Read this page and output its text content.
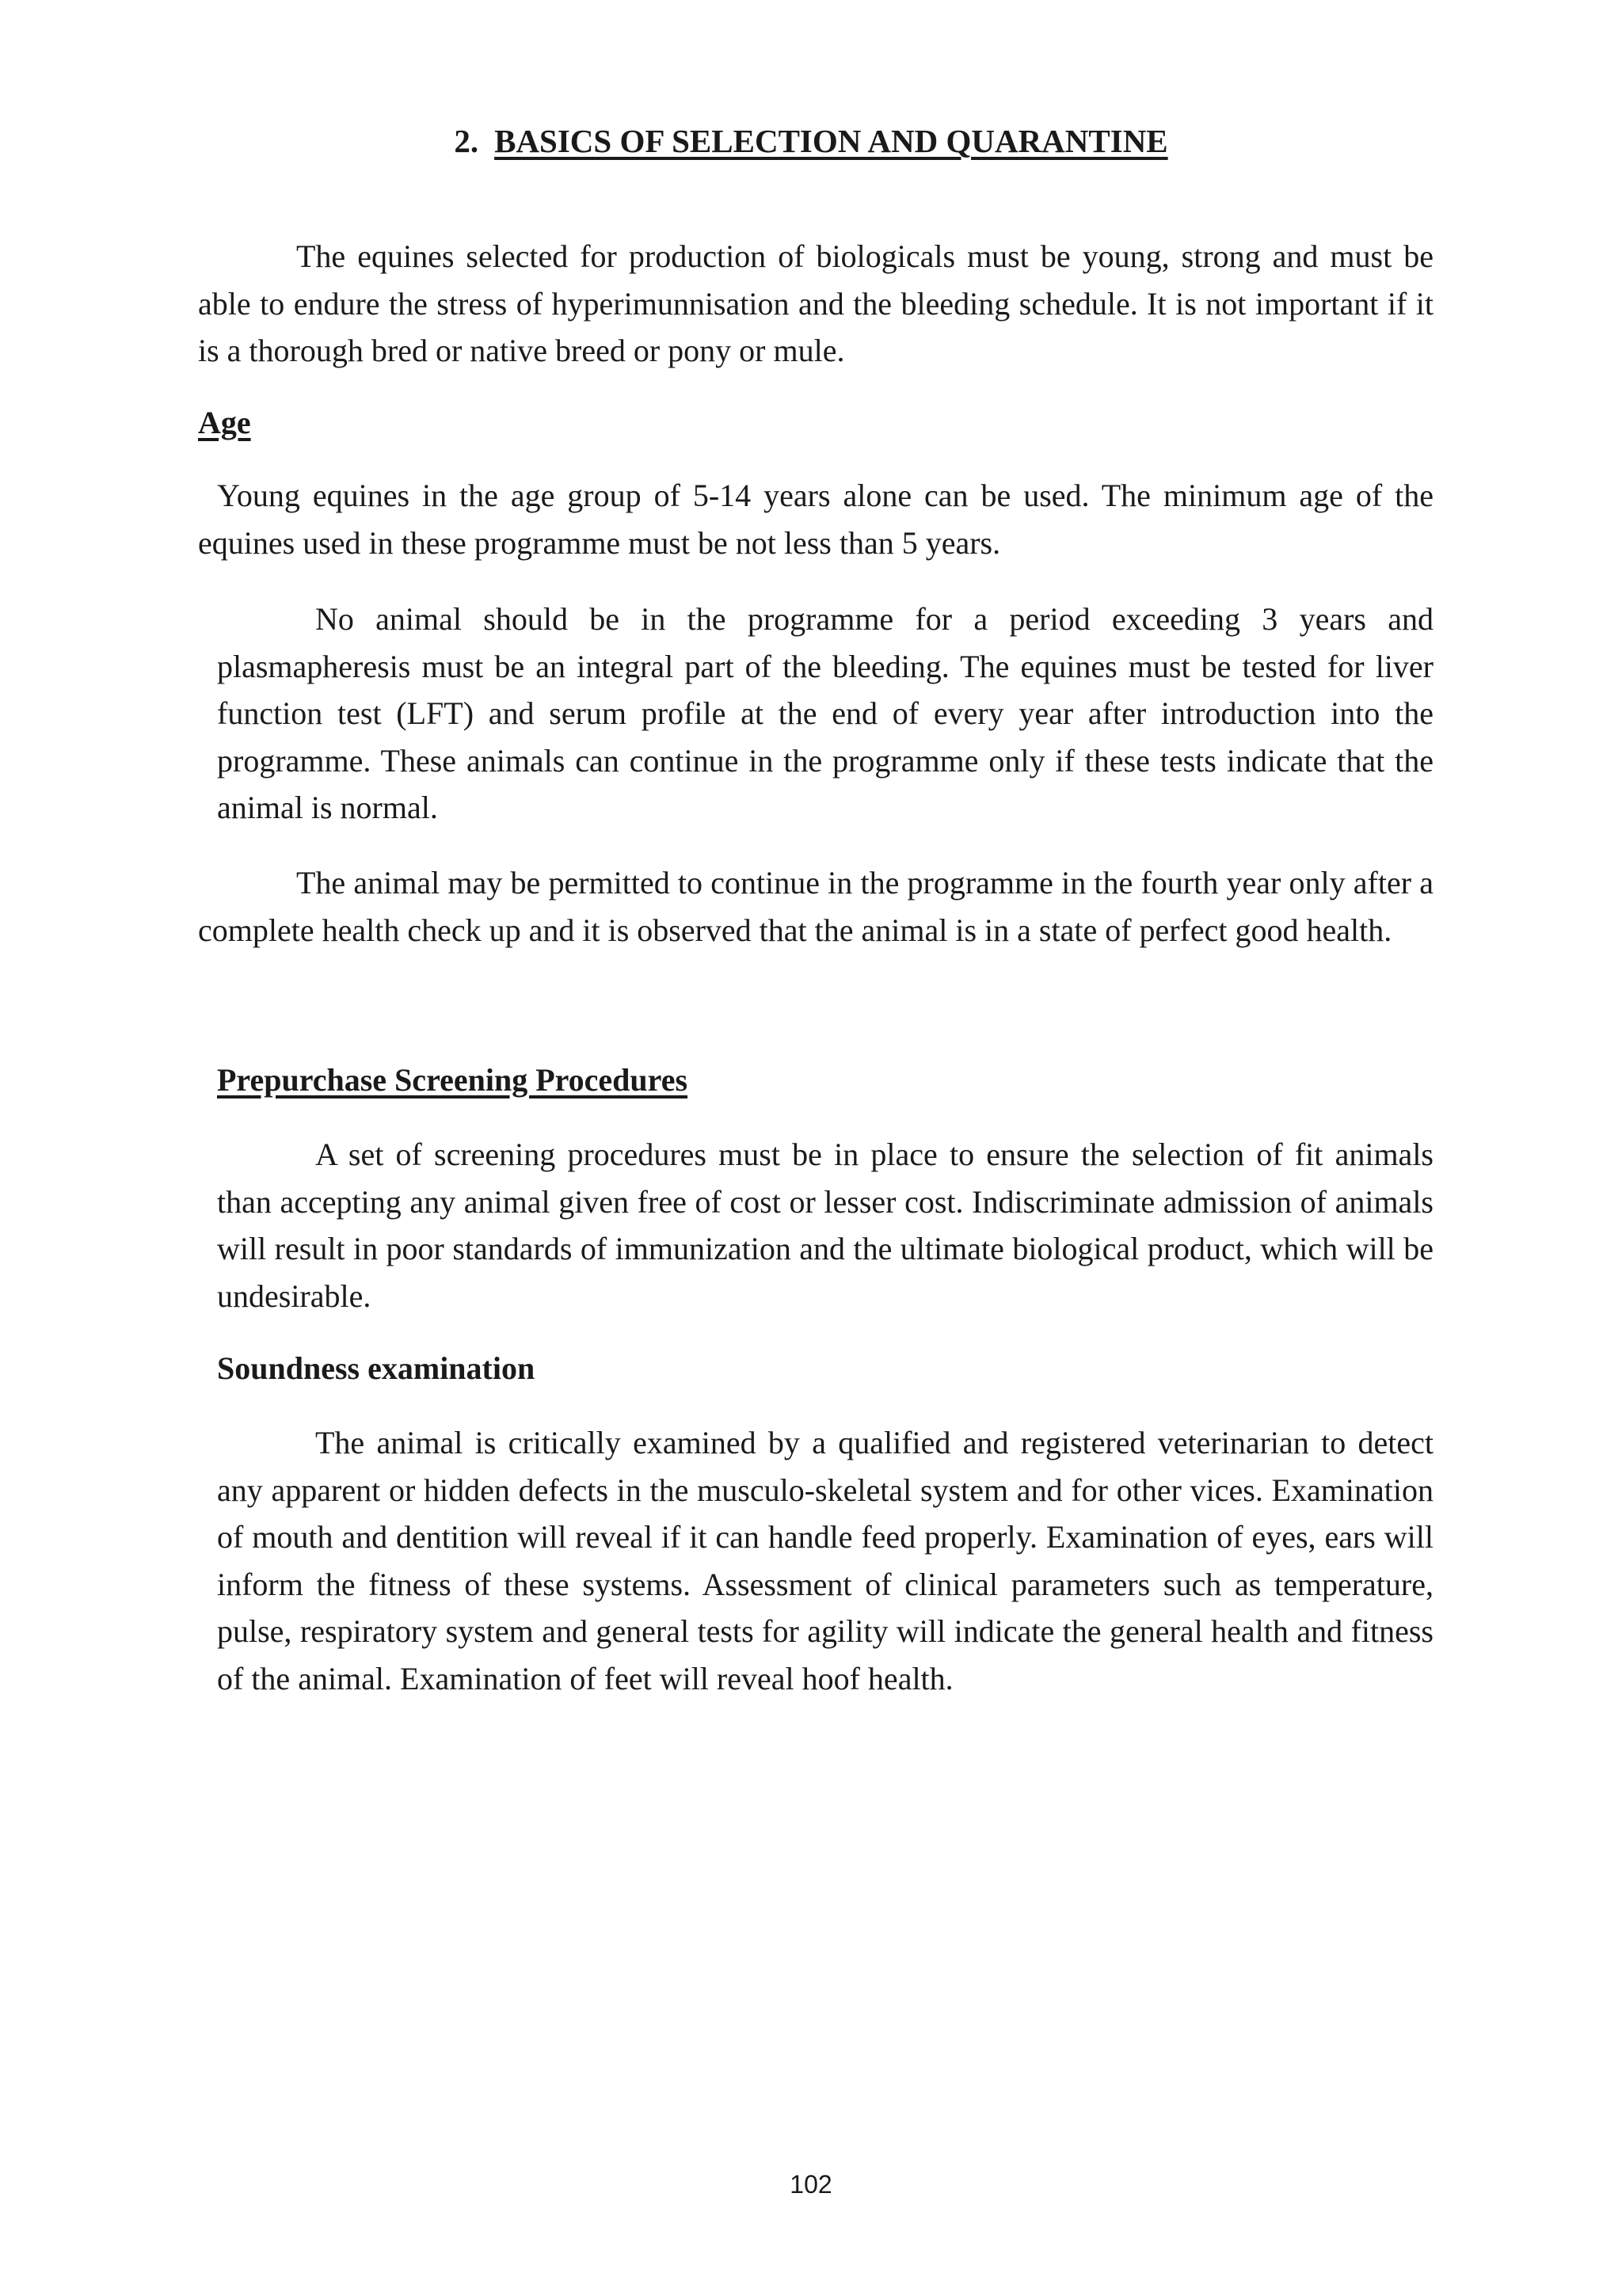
2. BASICS OF SELECTION AND QUARANTINE

The equines selected for production of biologicals must be young, strong and must be able to endure the stress of hyperimunnisation and the bleeding schedule. It is not important if it is a thorough bred or native breed or pony or mule.

Age

Young equines in the age group of 5-14 years alone can be used. The minimum age of the equines used in these programme must be not less than 5 years.

No animal should be in the programme for a period exceeding 3 years and plasmapheresis must be an integral part of the bleeding. The equines must be tested for liver function test (LFT) and serum profile at the end of every year after introduction into the programme. These animals can continue in the programme only if these tests indicate that the animal is normal.

The animal may be permitted to continue in the programme in the fourth year only after a complete health check up and it is observed that the animal is in a state of perfect good health.

Prepurchase Screening Procedures

A set of screening procedures must be in place to ensure the selection of fit animals than accepting any animal given free of cost or lesser cost. Indiscriminate admission of animals will result in poor standards of immunization and the ultimate biological product, which will be undesirable.

Soundness examination

The animal is critically examined by a qualified and registered veterinarian to detect any apparent or hidden defects in the musculo-skeletal system and for other vices. Examination of mouth and dentition will reveal if it can handle feed properly. Examination of eyes, ears will inform the fitness of these systems. Assessment of clinical parameters such as temperature, pulse, respiratory system and general tests for agility will indicate the general health and fitness of the animal. Examination of feet will reveal hoof health.

102
